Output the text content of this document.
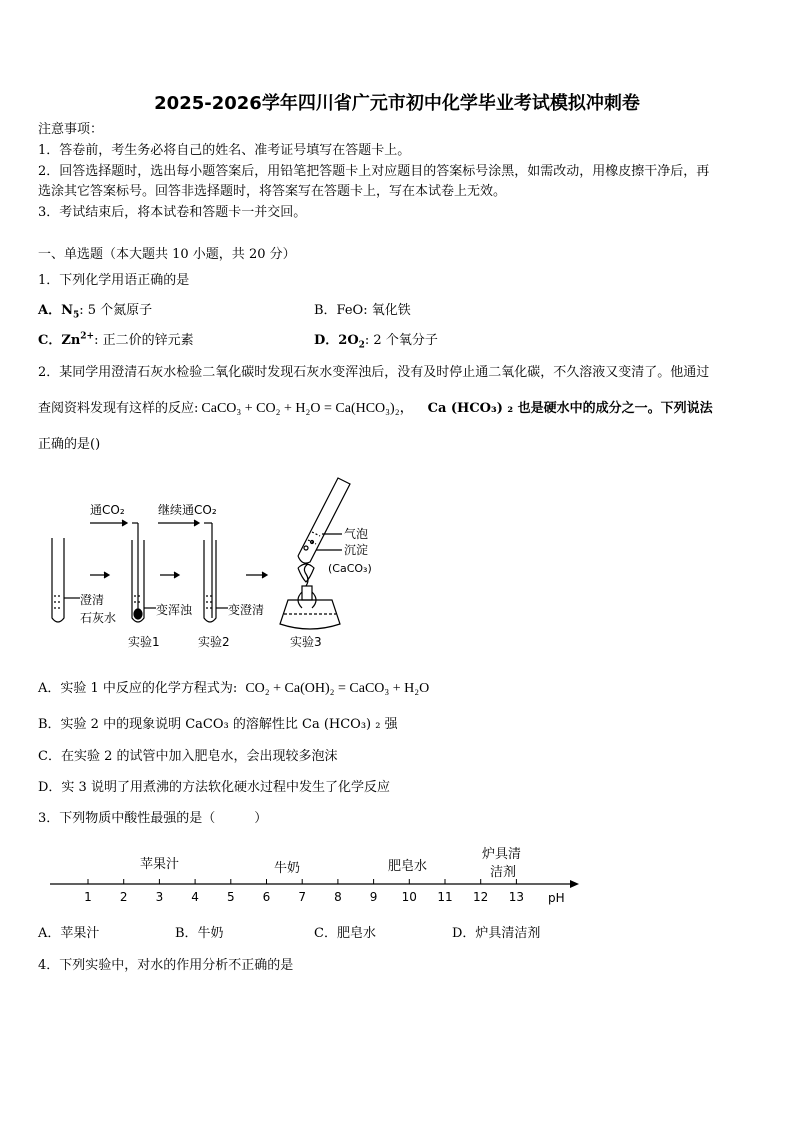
2025-2026学年四川省广元市初中化学毕业考试模拟冲刺卷
注意事项：
1．答卷前，考生务必将自己的姓名、准考证号填写在答题卡上。
2．回答选择题时，选出每小题答案后，用铅笔把答题卡上对应题目的答案标号涂黑，如需改动，用橡皮擦干净后，再
选涂其它答案标号。回答非选择题时，将答案写在答题卡上，写在本试卷上无效。
3．考试结束后，将本试卷和答题卡一并交回。
一、单选题（本大题共 10 小题，共 20 分）
1．下列化学用语正确的是
A．$N_5$: 5 个氮原子	B．FeO: 氧化铁
C．$Zn^{2+}$: 正二价的锌元素	D．$2O_2$: 2 个氧分子
2．某同学用澄清石灰水检验二氧化碳时发现石灰水变浑浊后，没有及时停止通二氧化碳，不久溶液又变清了。他通过
查阅资料发现有这样的反应: CaCO₃ + CO₂ + H₂O = Ca(HCO₃)₂， Ca (HCO₃) ₂ 也是硬水中的成分之一。下列说法
正确的是()
通CO₂	继续通CO₂
澄清
石灰水
变浑浊	变澄清
气泡
沉淀
(CaCO₃)
实验1	实验2	实验3
A．实验 1 中反应的化学方程式为: CO₂ + Ca(OH)₂ = CaCO₃ + H₂O
B．实验 2 中的现象说明 CaCO₃ 的溶解性比 Ca (HCO₃) ₂ 强
C．在实验 2 的试管中加入肥皂水，会出现较多泡沫
D．实 3 说明了用煮沸的方法软化硬水过程中发生了化学反应
3．下列物质中酸性最强的是（　　　）
苹果汁	牛奶	肥皂水
炉具清
洁剂
1 2 3 4 5 6 7 8 9 10 11 12 13 pH
A．苹果汁	B．牛奶	C．肥皂水	D．炉具清洁剂
4．下列实验中，对水的作用分析不正确的是
